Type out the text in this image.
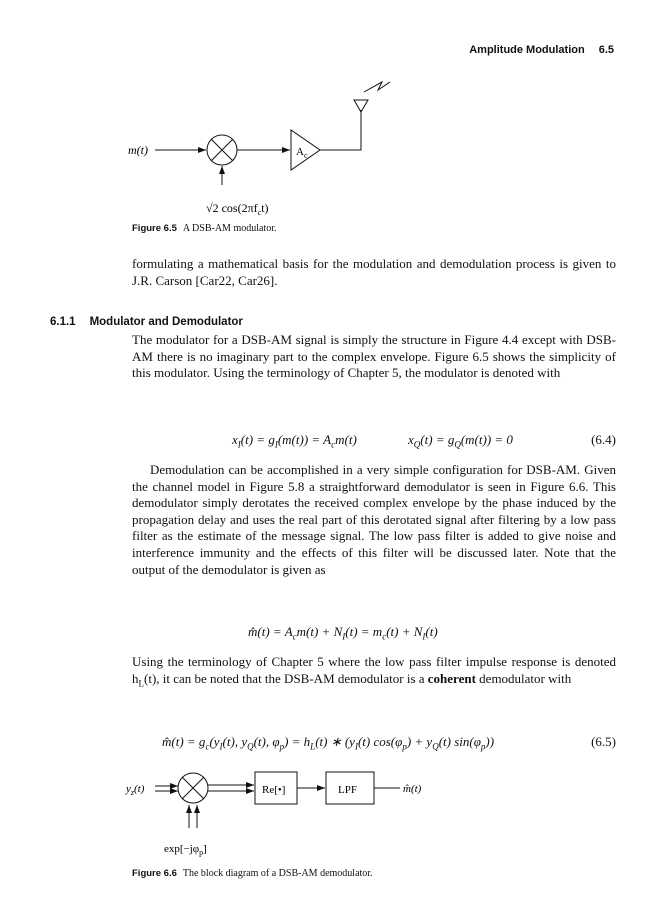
Amplitude Modulation 6.5
m(t)	$A_c$
√2 $\cos(2\pi f_ct)$
Figure 6.5 A DSB-AM modulator.
formulating a mathematical basis for the modulation and demodulation process is given to J.R. Carson [Car22, Car26].
6.1.1 Modulator and Demodulator
The modulator for a DSB-AM signal is simply the structure in Figure 4.4 except with DSB-AM there is no imaginary part to the complex envelope. Figure 6.5 shows the simplicity of this modulator. Using the terminology of Chapter 5, the modulator is denoted with
$x_I(t) = g_I(m(t)) = A_cm(t)$	$x_Q(t) = g_Q(m(t)) = 0$	(6.4)
Demodulation can be accomplished in a very simple configuration for DSB-AM. Given the channel model in Figure 5.8 a straightforward demodulator is seen in Figure 6.6. This demodulator simply derotates the received complex envelope by the phase induced by the propagation delay and uses the real part of this derotated signal after filtering by a low pass filter as the estimate of the message signal. The low pass filter is added to give noise and interference immunity and the effects of this filter will be discussed later. Note that the output of the demodulator is given as
m̂(t) = $A_cm(t) + N_I(t) = m_c(t) + N_I(t)$
Using the terminology of Chapter 5 where the low pass filter impulse response is denoted $h_L(t)$, it can be noted that the DSB-AM demodulator is a coherent demodulator with
m̂(t) = $g_c(y_I(t)$, $y_Q(t)$, $\varphi_p) = h_L(t)$ ∗ ($y_I(t) \cos(\varphi_p) + y_Q(t)$ $\sin(\varphi_p)$)	(6.5)
$y_z(t)$	Re[•]	LPF	m̂(t)
$\exp[-j\varphi_p]$
Figure 6.6 The block diagram of a DSB-AM demodulator.
